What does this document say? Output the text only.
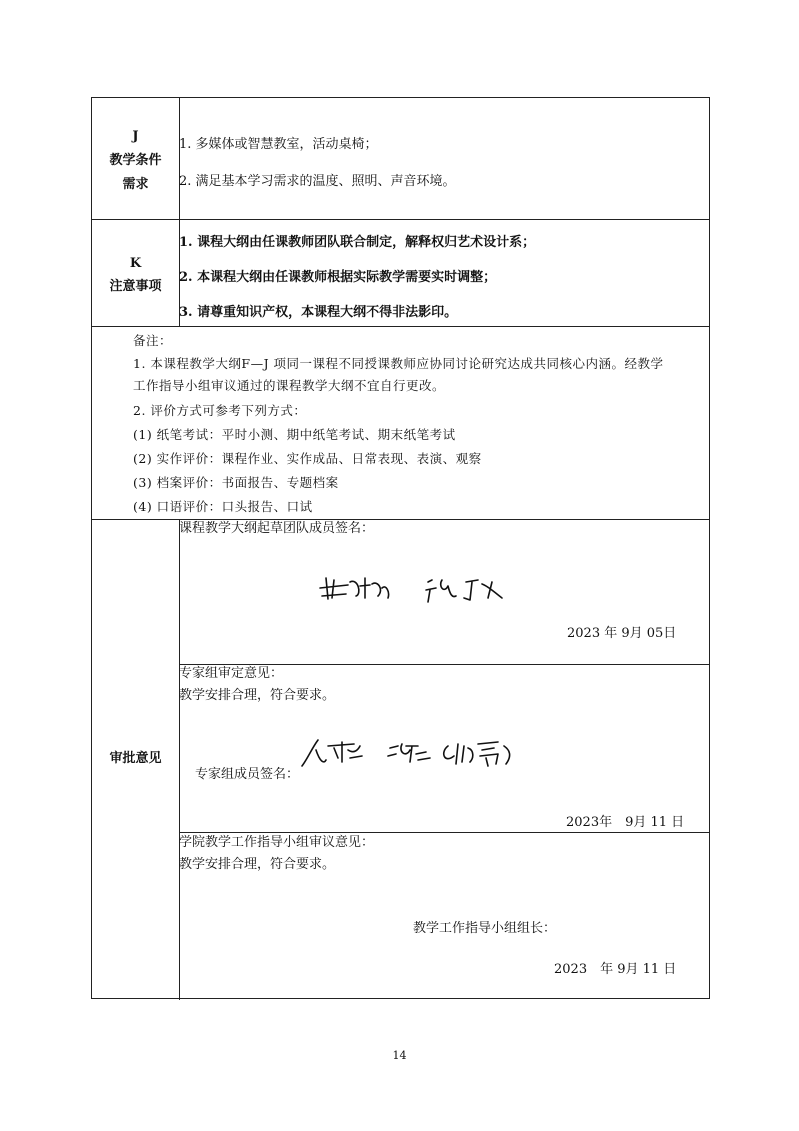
J
教学条件
需求
1. 多媒体或智慧教室，活动桌椅；
2. 满足基本学习需求的温度、照明、声音环境。
K
注意事项
1. 课程大纲由任课教师团队联合制定，解释权归艺术设计系；
2. 本课程大纲由任课教师根据实际教学需要实时调整；
3. 请尊重知识产权，本课程大纲不得非法影印。
备注：
1. 本课程教学大纲F—J 项同一课程不同授课教师应协同讨论研究达成共同核心内涵。经教学
工作指导小组审议通过的课程教学大纲不宜自行更改。
2. 评价方式可参考下列方式：
(1) 纸笔考试：平时小测、期中纸笔考试、期末纸笔考试
(2) 实作评价：课程作业、实作成品、日常表现、表演、观察
(3) 档案评价：书面报告、专题档案
(4) 口语评价：口头报告、口试
审批意见
课程教学大纲起草团队成员签名：
2023 年 9月 05日
专家组审定意见：
教学安排合理，符合要求。
专家组成员签名：
2023年　9月 11 日
学院教学工作指导小组审议意见：
教学安排合理，符合要求。
教学工作指导小组组长：
2023　年 9月 11 日
14
